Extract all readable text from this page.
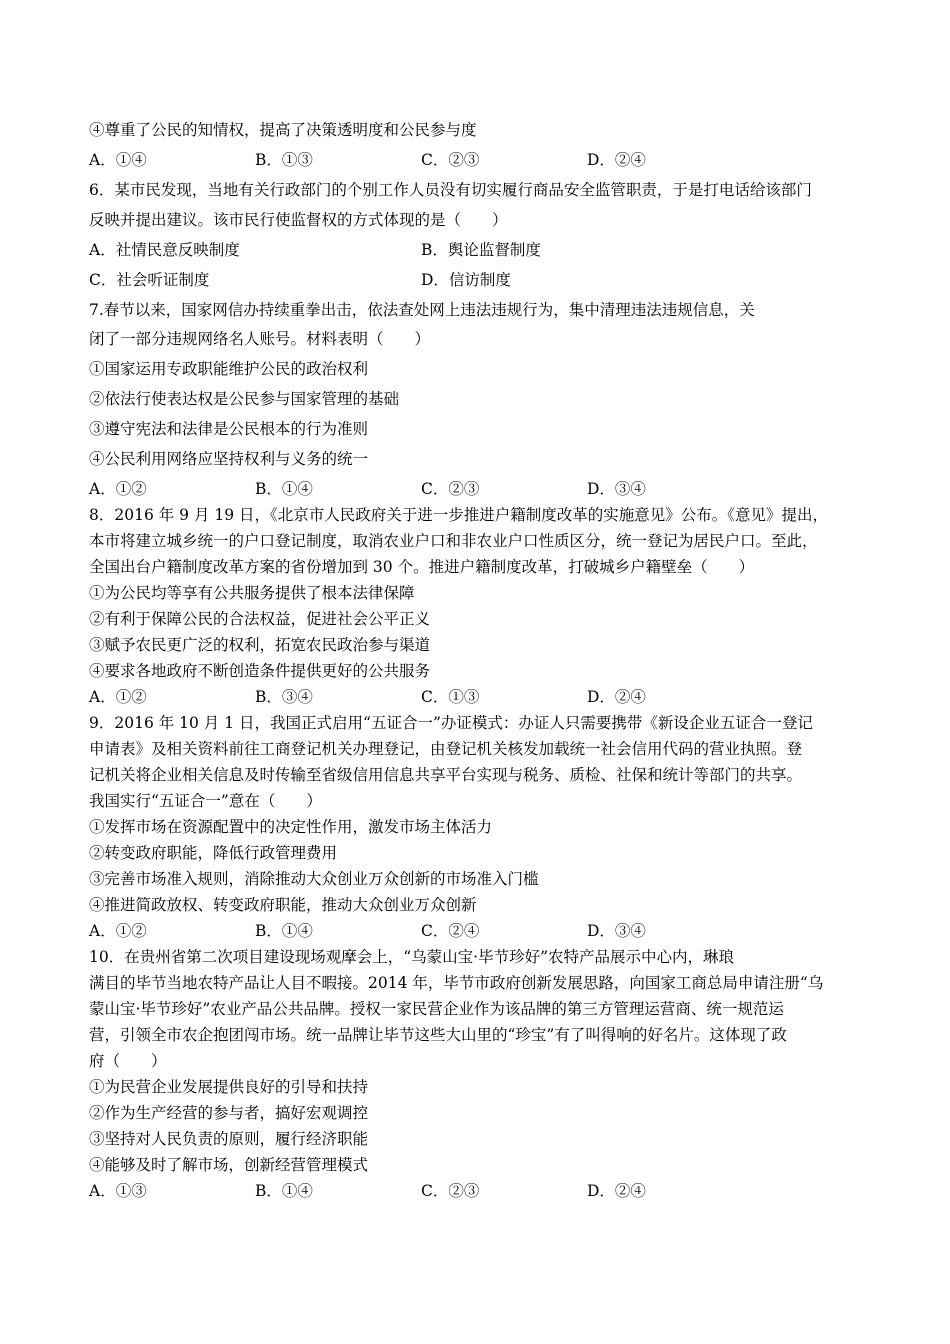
④尊重了公民的知情权，提高了决策透明度和公民参与度
A．①④	B．①③	C．②③	D．②④
6．某市民发现，当地有关行政部门的个别工作人员没有切实履行商品安全监管职责，于是打电话给该部门
反映并提出建议。该市民行使监督权的方式体现的是（　　）
A．社情民意反映制度	B．舆论监督制度
C．社会听证制度	D．信访制度
7.春节以来，国家网信办持续重拳出击，依法查处网上违法违规行为，集中清理违法违规信息，关
闭了一部分违规网络名人账号。材料表明（　　）
①国家运用专政职能维护公民的政治权利
②依法行使表达权是公民参与国家管理的基础
③遵守宪法和法律是公民根本的行为准则
④公民利用网络应坚持权利与义务的统一
A．①②	B．①④	C．②③	D．③④
8．2016 年 9 月 19 日，《北京市人民政府关于进一步推进户籍制度改革的实施意见》公布。《意见》提出，
本市将建立城乡统一的户口登记制度，取消农业户口和非农业户口性质区分，统一登记为居民户口。至此，
全国出台户籍制度改革方案的省份增加到 30 个。推进户籍制度改革，打破城乡户籍壁垒（　　）
①为公民均等享有公共服务提供了根本法律保障
②有利于保障公民的合法权益，促进社会公平正义
③赋予农民更广泛的权利，拓宽农民政治参与渠道
④要求各地政府不断创造条件提供更好的公共服务
A．①②	B．③④	C．①③	D．②④
9．2016 年 10 月 1 日，我国正式启用“五证合一”办证模式：办证人只需要携带《新设企业五证合一登记
申请表》及相关资料前往工商登记机关办理登记，由登记机关核发加载统一社会信用代码的营业执照。登
记机关将企业相关信息及时传输至省级信用信息共享平台实现与税务、质检、社保和统计等部门的共享。
我国实行“五证合一”意在（　　）
①发挥市场在资源配置中的决定性作用，激发市场主体活力
②转变政府职能，降低行政管理费用
③完善市场准入规则，消除推动大众创业万众创新的市场准入门槛
④推进简政放权、转变政府职能，推动大众创业万众创新
A．①②	B．①④	C．②④	D．③④
10．在贵州省第二次项目建设现场观摩会上，“乌蒙山宝·毕节珍好”农特产品展示中心内，琳琅
满目的毕节当地农特产品让人目不暇接。2014 年，毕节市政府创新发展思路，向国家工商总局申请注册“乌
蒙山宝·毕节珍好”农业产品公共品牌。授权一家民营企业作为该品牌的第三方管理运营商、统一规范运
营，引领全市农企抱团闯市场。统一品牌让毕节这些大山里的“珍宝”有了叫得响的好名片。这体现了政
府（　　）
①为民营企业发展提供良好的引导和扶持
②作为生产经营的参与者，搞好宏观调控
③坚持对人民负责的原则，履行经济职能
④能够及时了解市场，创新经营管理模式
A．①③	B．①④	C．②③	D．②④
